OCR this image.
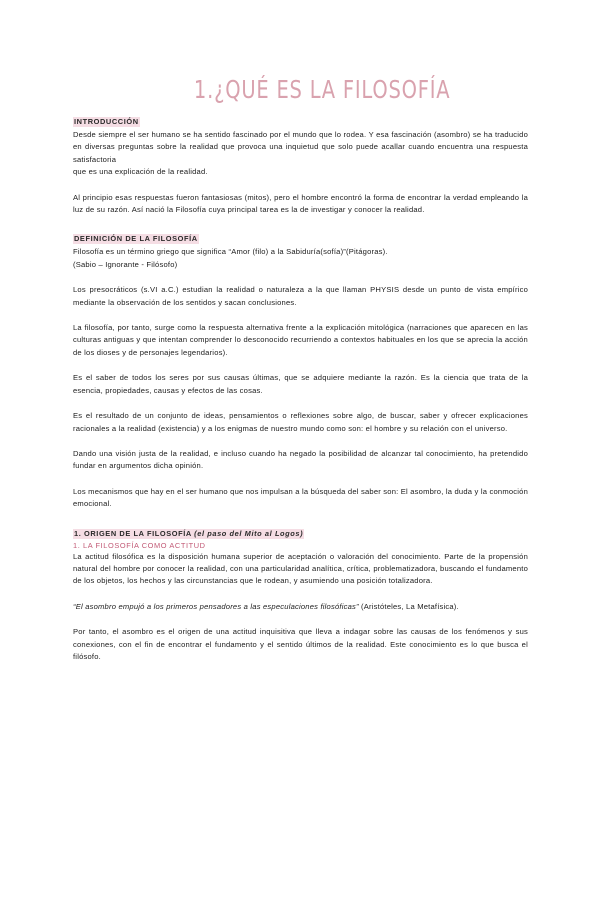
1.¿QUÉ ES LA FILOSOFÍA
INTRODUCCIÓN

Desde siempre el ser humano se ha sentido fascinado por el mundo que lo rodea. Y esa fascinación (asombro) se ha traducido en diversas preguntas sobre la realidad que provoca una inquietud que solo puede acallar cuando encuentra una respuesta satisfactoria

que es una explicación de la realidad.

Al principio esas respuestas fueron fantasiosas (mitos), pero el hombre encontró la forma de encontrar la verdad empleando la luz de su razón. Así nació la Filosofía cuya principal tarea es la de investigar y conocer la realidad.

DEFINICIÓN DE LA FILOSOFÍA

Filosofía es un término griego que significa “Amor (filo) a la Sabiduría(sofía)”(Pitágoras).

(Sabio – Ignorante - Filósofo)

Los presocráticos (s.VI a.C.) estudian la realidad o naturaleza a la que llaman PHYSIS desde un punto de vista empírico mediante la observación de los sentidos y sacan conclusiones.

La filosofía, por tanto, surge como la respuesta alternativa frente a la explicación mitológica (narraciones que aparecen en las culturas antiguas y que intentan comprender lo desconocido recurriendo a contextos habituales en los que se aprecia la acción de los dioses y de personajes legendarios).

Es el saber de todos los seres por sus causas últimas, que se adquiere mediante la razón. Es la ciencia que trata de la esencia, propiedades, causas y efectos de las cosas.

Es el resultado de un conjunto de ideas, pensamientos o reflexiones sobre algo, de buscar, saber y ofrecer explicaciones racionales a la realidad (existencia) y a los enigmas de nuestro mundo como son: el hombre y su relación con el universo.

Dando una visión justa de la realidad, e incluso cuando ha negado la posibilidad de alcanzar tal conocimiento, ha pretendido fundar en argumentos dicha opinión.

Los mecanismos que hay en el ser humano que nos impulsan a la búsqueda del saber son: El asombro, la duda y la conmoción emocional.

1. ORIGEN DE LA FILOSOFÍA (el paso del Mito al Logos)
1. LA FILOSOFÍA COMO ACTITUD

La actitud filosófica es la disposición humana superior de aceptación o valoración del conocimiento. Parte de la propensión natural del hombre por conocer la realidad, con una particularidad analítica, crítica, problematizadora, buscando el fundamento de los objetos, los hechos y las circunstancias que le rodean, y asumiendo una posición totalizadora.

“El asombro empujó a los primeros pensadores a las especulaciones filosóficas” (Aristóteles, La Metafísica).

Por tanto, el asombro es el origen de una actitud inquisitiva que lleva a indagar sobre las causas de los fenómenos y sus conexiones, con el fin de encontrar el fundamento y el sentido últimos de la realidad. Este conocimiento es lo que busca el filósofo.
